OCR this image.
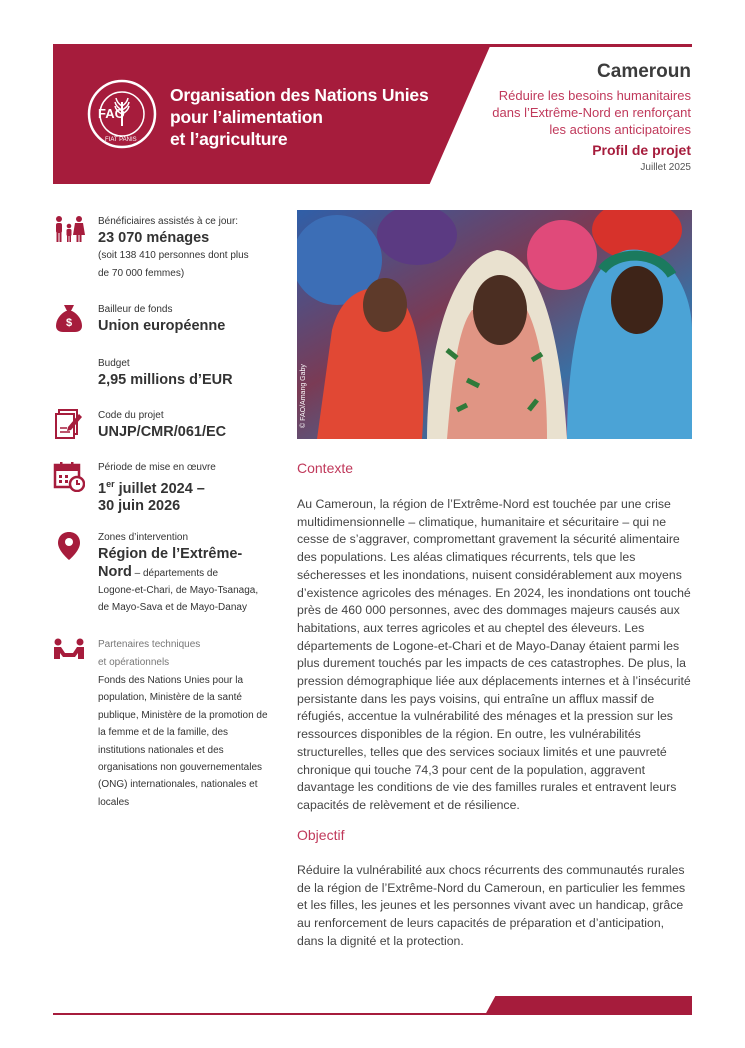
FAO
FIAT PANIS
Organisation des Nations Unies
pour l’alimentation
et l’agriculture
Cameroun
Réduire les besoins humanitaires
dans l’Extrême-Nord en renforçant
les actions anticipatoires
Profil de projet
Juillet 2025
Bénéficiaires assistés à ce jour:
23 070 ménages
(soit 138 410 personnes dont plus
de 70 000 femmes)
$
Bailleur de fonds
Union européenne
Budget
2,95 millions d’EUR
Code du projet
UNJP/CMR/061/EC
Période de mise en œuvre
1er juillet 2024 –
30 juin 2026
Zones d’intervention
Région de l’Extrême-
Nord – départements de
Logone-et-Chari, de Mayo-Tsanaga,
de Mayo-Sava et de Mayo-Danay
Partenaires techniques
et opérationnels
Fonds des Nations Unies pour la population, Ministère de la santé publique, Ministère de la promotion de la femme et de la famille, des institutions nationales et des organisations non gouvernementales (ONG) internationales, nationales et locales
© FAO/Amang Gaby
Contexte
Au Cameroun, la région de l’Extrême-Nord est touchée par une crise multidimensionnelle – climatique, humanitaire et sécuritaire – qui ne cesse de s’aggraver, compromettant gravement la sécurité alimentaire des populations. Les aléas climatiques récurrents, tels que les sécheresses et les inondations, nuisent considérablement aux moyens d’existence agricoles des ménages. En 2024, les inondations ont touché près de 460 000 personnes, avec des dommages majeurs causés aux habitations, aux terres agricoles et au cheptel des éleveurs. Les départements de Logone-et-Chari et de Mayo-Danay étaient parmi les plus durement touchés par les impacts de ces catastrophes. De plus, la pression démographique liée aux déplacements internes et à l’insécurité persistante dans les pays voisins, qui entraîne un afflux massif de réfugiés, accentue la vulnérabilité des ménages et la pression sur les ressources disponibles de la région. En outre, les vulnérabilités structurelles, telles que des services sociaux limités et une pauvreté chronique qui touche 74,3 pour cent de la population, aggravent davantage les conditions de vie des familles rurales et entravent leurs capacités de relèvement et de résilience.
Objectif
Réduire la vulnérabilité aux chocs récurrents des communautés rurales de la région de l’Extrême-Nord du Cameroun, en particulier les femmes et les filles, les jeunes et les personnes vivant avec un handicap, grâce au renforcement de leurs capacités de préparation et d’anticipation, dans la dignité et la protection.
